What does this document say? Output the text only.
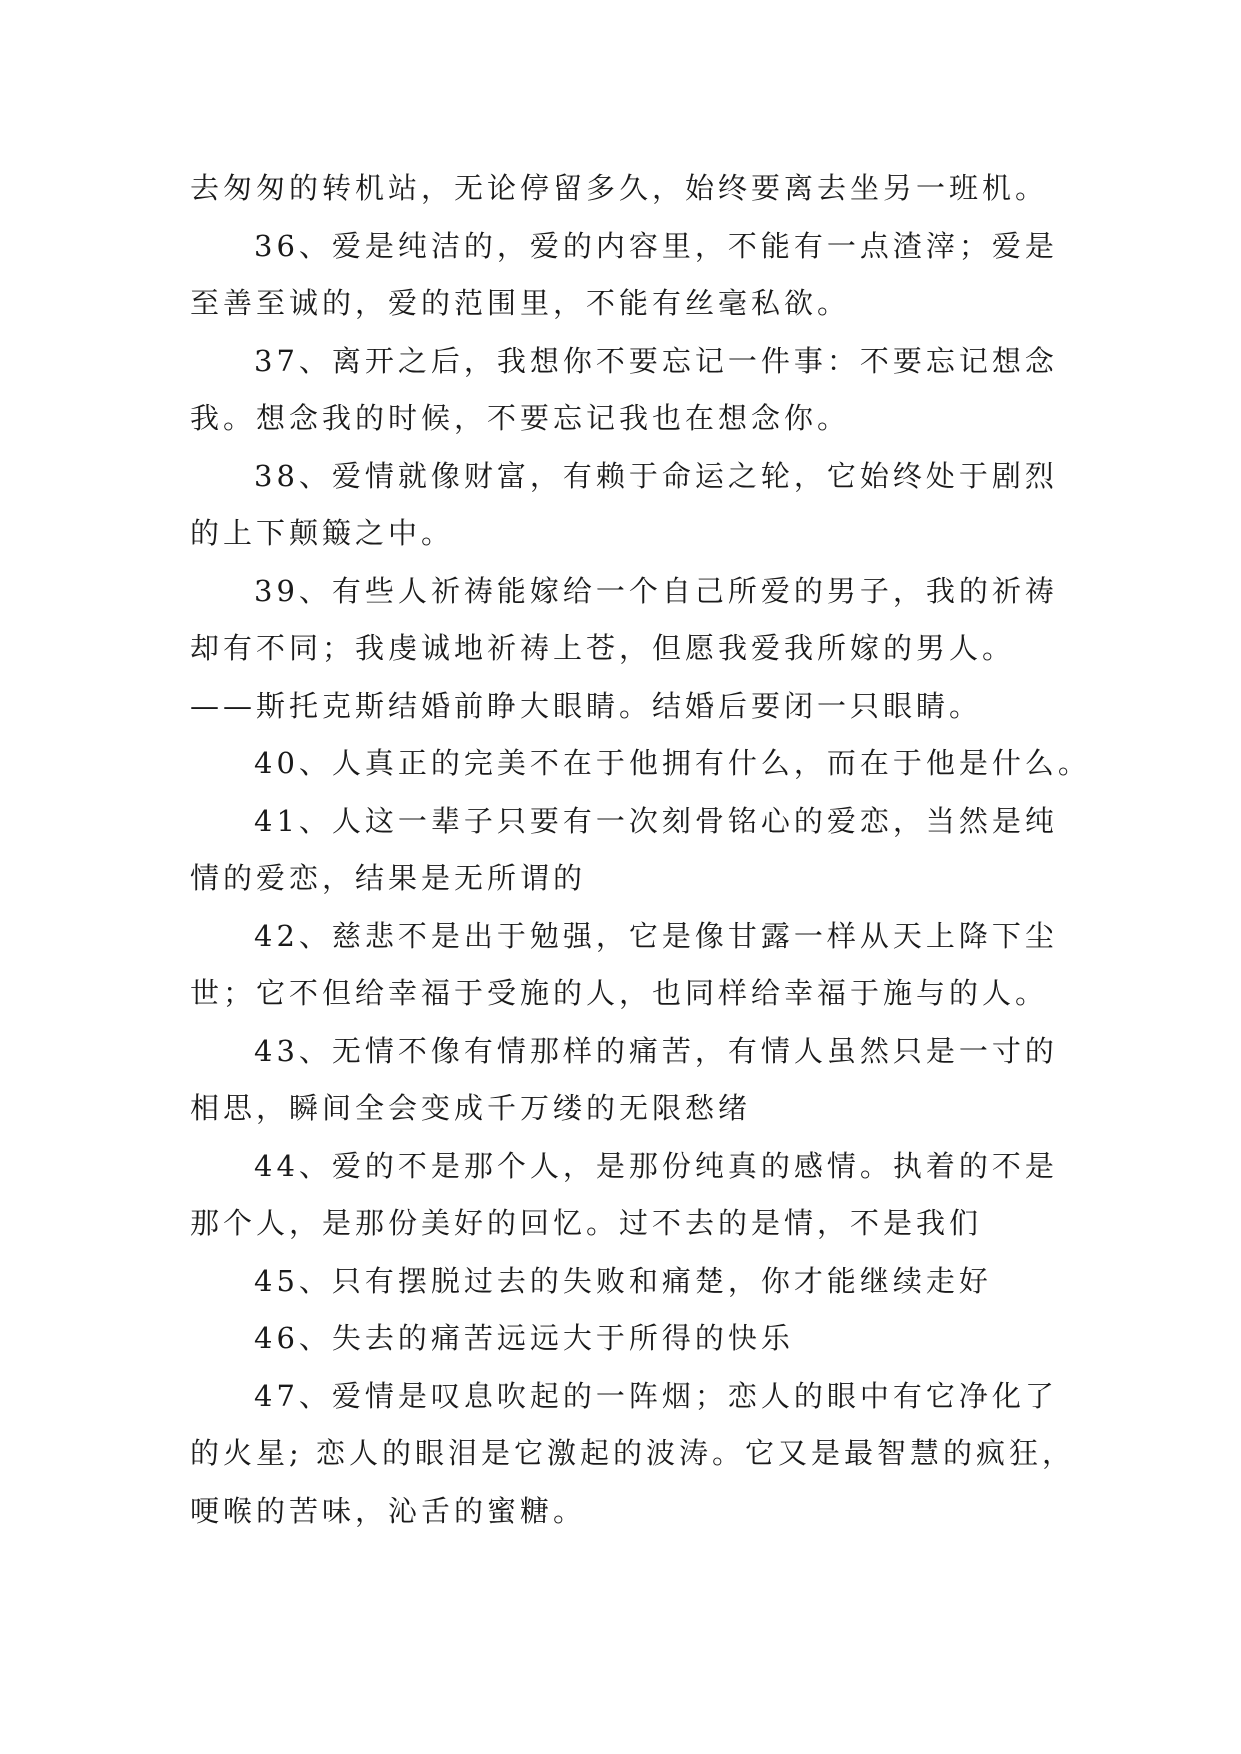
去匆匆的转机站，无论停留多久，始终要离去坐另一班机。
36、爱是纯洁的，爱的内容里，不能有一点渣滓；爱是
至善至诚的，爱的范围里，不能有丝毫私欲。
37、离开之后，我想你不要忘记一件事：不要忘记想念
我。想念我的时候，不要忘记我也在想念你。
38、爱情就像财富，有赖于命运之轮，它始终处于剧烈
的上下颠簸之中。
39、有些人祈祷能嫁给一个自己所爱的男子，我的祈祷
却有不同；我虔诚地祈祷上苍，但愿我爱我所嫁的男人。
——斯托克斯结婚前睁大眼睛。结婚后要闭一只眼睛。
40、人真正的完美不在于他拥有什么，而在于他是什么。
41、人这一辈子只要有一次刻骨铭心的爱恋，当然是纯
情的爱恋，结果是无所谓的
42、慈悲不是出于勉强，它是像甘露一样从天上降下尘
世；它不但给幸福于受施的人，也同样给幸福于施与的人。
43、无情不像有情那样的痛苦，有情人虽然只是一寸的
相思，瞬间全会变成千万缕的无限愁绪
44、爱的不是那个人，是那份纯真的感情。执着的不是
那个人，是那份美好的回忆。过不去的是情，不是我们
45、只有摆脱过去的失败和痛楚，你才能继续走好
46、失去的痛苦远远大于所得的快乐
47、爱情是叹息吹起的一阵烟；恋人的眼中有它净化了
的火星; 恋人的眼泪是它激起的波涛。它又是最智慧的疯狂，
哽喉的苦味，沁舌的蜜糖。
